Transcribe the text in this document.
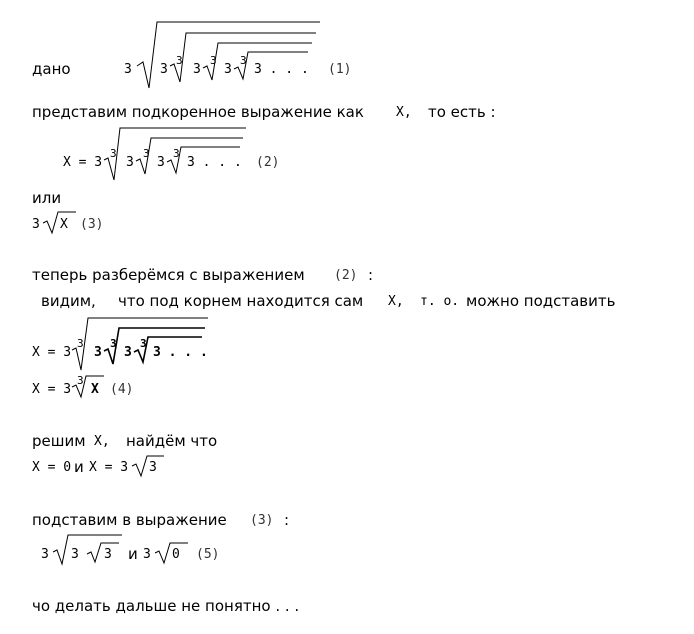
дано	3 3
3
3
3
3
3
3 . . . (1)
представим подкоренное выражение как X, то есть :
X = 3
3
3
3
3
3
3 . . . (2)
или
3 X (3)
теперь разберёмся с выражением (2) :
видим, что под корнем находится сам X, т. о. можно подставить
X = 3
3
3
3
3
3
3 . . .
X = 3
3
X (4)
решим X, найдём что
X = 0 и X = 3 3
подставим в выражение (3) :
3 3 3 и 3 0 (5)
чо делать дальше не понятно . . .
